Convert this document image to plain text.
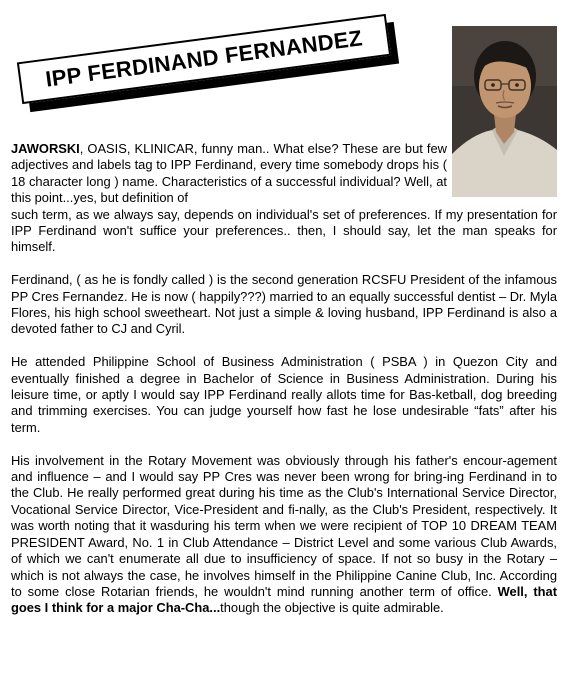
IPP FERDINAND FERNANDEZ

JAWORSKI, OASIS, KLINICAR, funny man.. What else? These are but few adjectives and labels tag to IPP Ferdinand, every time somebody drops his ( 18 character long ) name. Characteristics of a successful individual? Well, at this point...yes, but definition of
such term, as we always say, depends on individual's set of preferences. If my presentation for IPP Ferdinand won't suffice your preferences.. then, I should say, let the man speaks for himself.

Ferdinand, ( as he is fondly called ) is the second generation RCSFU President of the infamous PP Cres Fernandez. He is now ( happily???) married to an equally successful dentist – Dr. Myla Flores, his high school sweetheart. Not just a simple & loving husband, IPP Ferdinand is also a devoted father to CJ and Cyril.

He attended Philippine School of Business Administration ( PSBA ) in Quezon City and eventually finished a degree in Bachelor of Science in Business Administration. During his leisure time, or aptly I would say IPP Ferdinand really allots time for Bas-ketball, dog breeding and trimming exercises. You can judge yourself how fast he lose undesirable “fats” after his term.

His involvement in the Rotary Movement was obviously through his father's encour-agement and influence – and I would say PP Cres was never been wrong for bring-ing Ferdinand in to the Club. He really performed great during his time as the Club's International Service Director, Vocational Service Director, Vice-President and fi-nally, as the Club's President, respectively. It was worth noting that it wasduring his term when we were recipient of TOP 10 DREAM TEAM PRESIDENT Award, No. 1 in Club Attendance – District Level and some various Club Awards, of which we can't enumerate all due to insufficiency of space. If not so busy in the Rotary – which is not always the case, he involves himself in the Philippine Canine Club, Inc. According to some close Rotarian friends, he wouldn't mind running another term of office. Well, that goes I think for a major Cha-Cha...though the objective is quite admirable.
